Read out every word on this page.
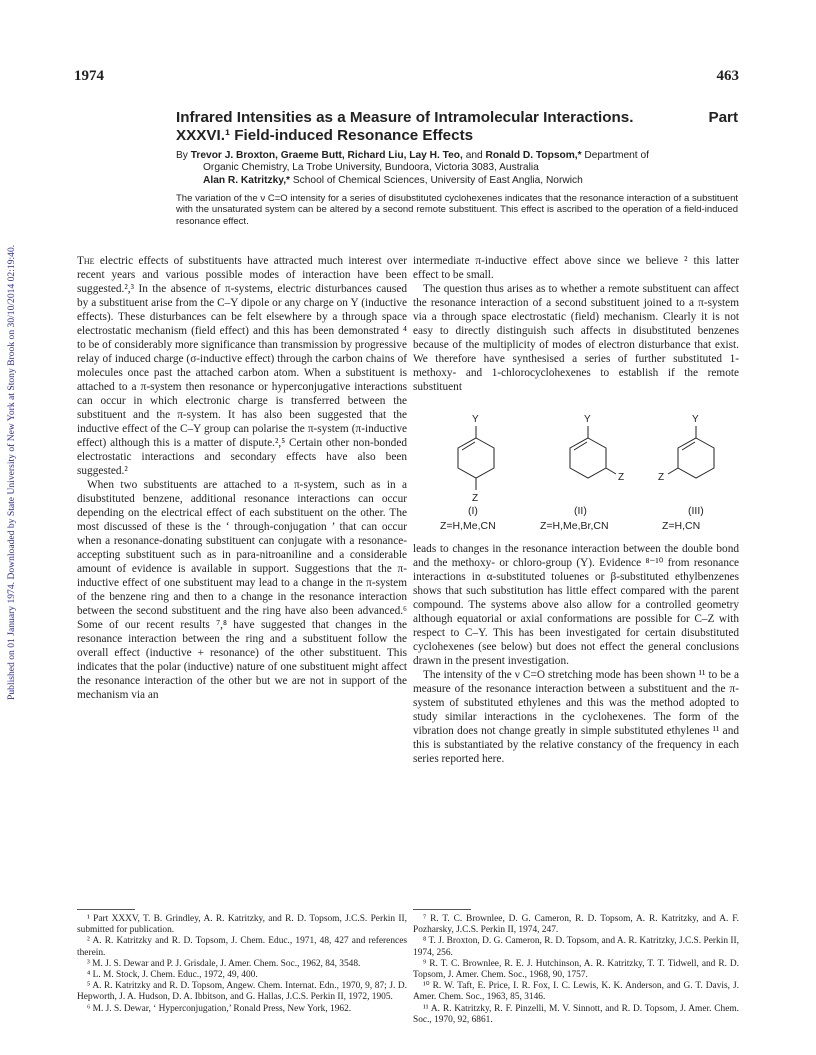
Published on 01 January 1974. Downloaded by State University of New York at Stony Brook on 30/10/2014 02:19:40.
1974	463
Infrared Intensities as a Measure of Intramolecular Interactions.	Part
XXXVI.¹ Field-induced Resonance Effects
By Trevor J. Broxton, Graeme Butt, Richard Liu, Lay H. Teo, and Ronald D. Topsom,* Department of
Organic Chemistry, La Trobe University, Bundoora, Victoria 3083, Australia
Alan R. Katritzky,* School of Chemical Sciences, University of East Anglia, Norwich
The variation of the ν C=O intensity for a series of disubstituted cyclohexenes indicates that the resonance interaction of a substituent with the unsaturated system can be altered by a second remote substituent. This effect is ascribed to the operation of a field-induced resonance effect.

The electric effects of substituents have attracted much interest over recent years and various possible modes of interaction have been suggested.²,³ In the absence of π-systems, electric disturbances caused by a substituent arise from the C–Y dipole or any charge on Y (inductive effects). These disturbances can be felt elsewhere by a through space electrostatic mechanism (field effect) and this has been demonstrated ⁴ to be of considerably more significance than transmission by progressive relay of induced charge (σ-inductive effect) through the carbon chains of molecules once past the attached carbon atom. When a substituent is attached to a π-system then resonance or hyperconjugative interactions can occur in which electronic charge is transferred between the substituent and the π-system. It has also been suggested that the inductive effect of the C–Y group can polarise the π-system (π-inductive effect) although this is a matter of dispute.²,⁵ Certain other non-bonded electrostatic interactions and secondary effects have also been suggested.²

When two substituents are attached to a π-system, such as in a disubstituted benzene, additional resonance interactions can occur depending on the electrical effect of each substituent on the other. The most discussed of these is the ‘ through-conjugation ’ that can occur when a resonance-donating substituent can conjugate with a resonance-accepting substituent such as in para-nitroaniline and a considerable amount of evidence is available in support. Suggestions that the π-inductive effect of one substituent may lead to a change in the π-system of the benzene ring and then to a change in the resonance interaction between the second substituent and the ring have also been advanced.⁶ Some of our recent results ⁷,⁸ have suggested that changes in the resonance interaction between the ring and a substituent follow the overall effect (inductive + resonance) of the other substituent. This indicates that the polar (inductive) nature of one substituent might affect the resonance interaction of the other but we are not in support of the mechanism via an

¹ Part XXXV, T. B. Grindley, A. R. Katritzky, and R. D. Topsom, J.C.S. Perkin II, submitted for publication.

² A. R. Katritzky and R. D. Topsom, J. Chem. Educ., 1971, 48, 427 and references therein.

³ M. J. S. Dewar and P. J. Grisdale, J. Amer. Chem. Soc., 1962, 84, 3548.

⁴ L. M. Stock, J. Chem. Educ., 1972, 49, 400.

⁵ A. R. Katritzky and R. D. Topsom, Angew. Chem. Internat. Edn., 1970, 9, 87; J. D. Hepworth, J. A. Hudson, D. A. Ibbitson, and G. Hallas, J.C.S. Perkin II, 1972, 1905.

⁶ M. J. S. Dewar, ‘ Hyperconjugation,’ Ronald Press, New York, 1962.

intermediate π-inductive effect above since we believe ² this latter effect to be small.

The question thus arises as to whether a remote substituent can affect the resonance interaction of a second substituent joined to a π-system via a through space electrostatic (field) mechanism. Clearly it is not easy to directly distinguish such affects in disubstituted benzenes because of the multiplicity of modes of electron disturbance that exist. We therefore have synthesised a series of further substituted 1-methoxy- and 1-chlorocyclohexenes to establish if the remote substituent

Y
Z
Y
Z
Y
Z
(I)	(II)	(III)
Z=H,Me,CN	Z=H,Me,Br,CN	Z=H,CN

leads to changes in the resonance interaction between the double bond and the methoxy- or chloro-group (Y). Evidence ⁸⁻¹⁰ from resonance interactions in α-substituted toluenes or β-substituted ethylbenzenes shows that such substitution has little effect compared with the parent compound. The systems above also allow for a controlled geometry although equatorial or axial conformations are possible for C–Z with respect to C–Y. This has been investigated for certain disubstituted cyclohexenes (see below) but does not effect the general conclusions drawn in the present investigation.

The intensity of the ν C=O stretching mode has been shown ¹¹ to be a measure of the resonance interaction between a substituent and the π-system of substituted ethylenes and this was the method adopted to study similar interactions in the cyclohexenes. The form of the vibration does not change greatly in simple substituted ethylenes ¹¹ and this is substantiated by the relative constancy of the frequency in each series reported here.

⁷ R. T. C. Brownlee, D. G. Cameron, R. D. Topsom, A. R. Katritzky, and A. F. Pozharsky, J.C.S. Perkin II, 1974, 247.

⁸ T. J. Broxton, D. G. Cameron, R. D. Topsom, and A. R. Katritzky, J.C.S. Perkin II, 1974, 256.

⁹ R. T. C. Brownlee, R. E. J. Hutchinson, A. R. Katritzky, T. T. Tidwell, and R. D. Topsom, J. Amer. Chem. Soc., 1968, 90, 1757.

¹⁰ R. W. Taft, E. Price, I. R. Fox, I. C. Lewis, K. K. Anderson, and G. T. Davis, J. Amer. Chem. Soc., 1963, 85, 3146.

¹¹ A. R. Katritzky, R. F. Pinzelli, M. V. Sinnott, and R. D. Topsom, J. Amer. Chem. Soc., 1970, 92, 6861.
